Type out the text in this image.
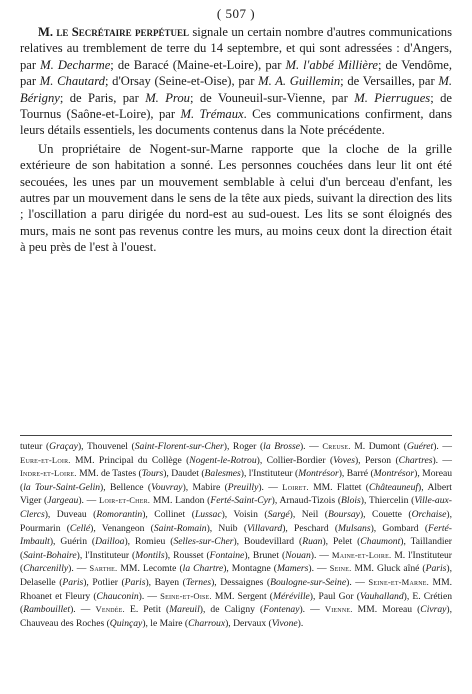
( 507 )

M. le Secrétaire perpétuel signale un certain nombre d'autres communications relatives au tremblement de terre du 14 septembre, et qui sont adressées : d'Angers, par M. Decharme; de Baracé (Maine-et-Loire), par M. l'abbé Millière; de Vendôme, par M. Chautard; d'Orsay (Seine-et-Oise), par M. A. Guillemin; de Versailles, par M. Bérigny; de Paris, par M. Prou; de Vouneuil-sur-Vienne, par M. Pierrugues; de Tournus (Saône-et-Loire), par M. Trémaux. Ces communications confirment, dans leurs détails essentiels, les documents contenus dans la Note précédente.

Un propriétaire de Nogent-sur-Marne rapporte que la cloche de la grille extérieure de son habitation a sonné. Les personnes couchées dans leur lit ont été secouées, les unes par un mouvement semblable à celui d'un berceau d'enfant, les autres par un mouvement dans le sens de la tête aux pieds, suivant la direction des lits ; l'oscillation a paru dirigée du nord-est au sud-ouest. Les lits se sont éloignés des murs, mais ne sont pas revenus contre les murs, au moins ceux dont la direction était à peu près de l'est à l'ouest.

tuteur (Graçay), Thouvenel (Saint-Florent-sur-Cher), Roger (la Brosse). — Creuse. M. Dumont (Guéret). — Eure-et-Loir. MM. Principal du Collège (Nogent-le-Rotrou), Collier-Bordier (Voves), Person (Chartres). — Indre-et-Loire. MM. de Tastes (Tours), Daudet (Balesmes), l'Instituteur (Montrésor), Barré (Montrésor), Moreau (la Tour-Saint-Gelin), Bellence (Vouvray), Mabire (Preuilly). — Loiret. MM. Flattet (Châteauneuf), Albert Viger (Jargeau). — Loir-et-Cher. MM. Landon (Ferté-Saint-Cyr), Arnaud-Tizois (Blois), Thiercelin (Ville-aux-Clercs), Duveau (Romorantin), Collinet (Lussac), Voisin (Sargé), Neil (Boursay), Couette (Orchaise), Pourmarin (Cellé), Venangeon (Saint-Romain), Nuib (Villavard), Peschard (Mulsans), Gombard (Ferté-Imbault), Guérin (Dailloa), Romieu (Selles-sur-Cher), Boudevillard (Ruan), Pelet (Chaumont), Taillandier (Saint-Bohaire), l'Instituteur (Montils), Rousset (Fontaine), Brunet (Nouan). — Maine-et-Loire. M. l'Instituteur (Charcenilly). — Sarthe. MM. Lecomte (la Chartre), Montagne (Mamers). — Seine. MM. Gluck aîné (Paris), Delaselle (Paris), Potlier (Paris), Bayen (Ternes), Dessaignes (Boulogne-sur-Seine). — Seine-et-Marne. MM. Rhoanet et Fleury (Chauconin). — Seine-et-Oise. MM. Sergent (Méréville), Paul Gor (Vauhalland), E. Crétien (Rambouillet). — Vendée. E. Petit (Mareuil), de Caligny (Fontenay). — Vienne. MM. Moreau (Civray), Chauveau des Roches (Quinçay), le Maire (Charroux), Dervaux (Vivone).
